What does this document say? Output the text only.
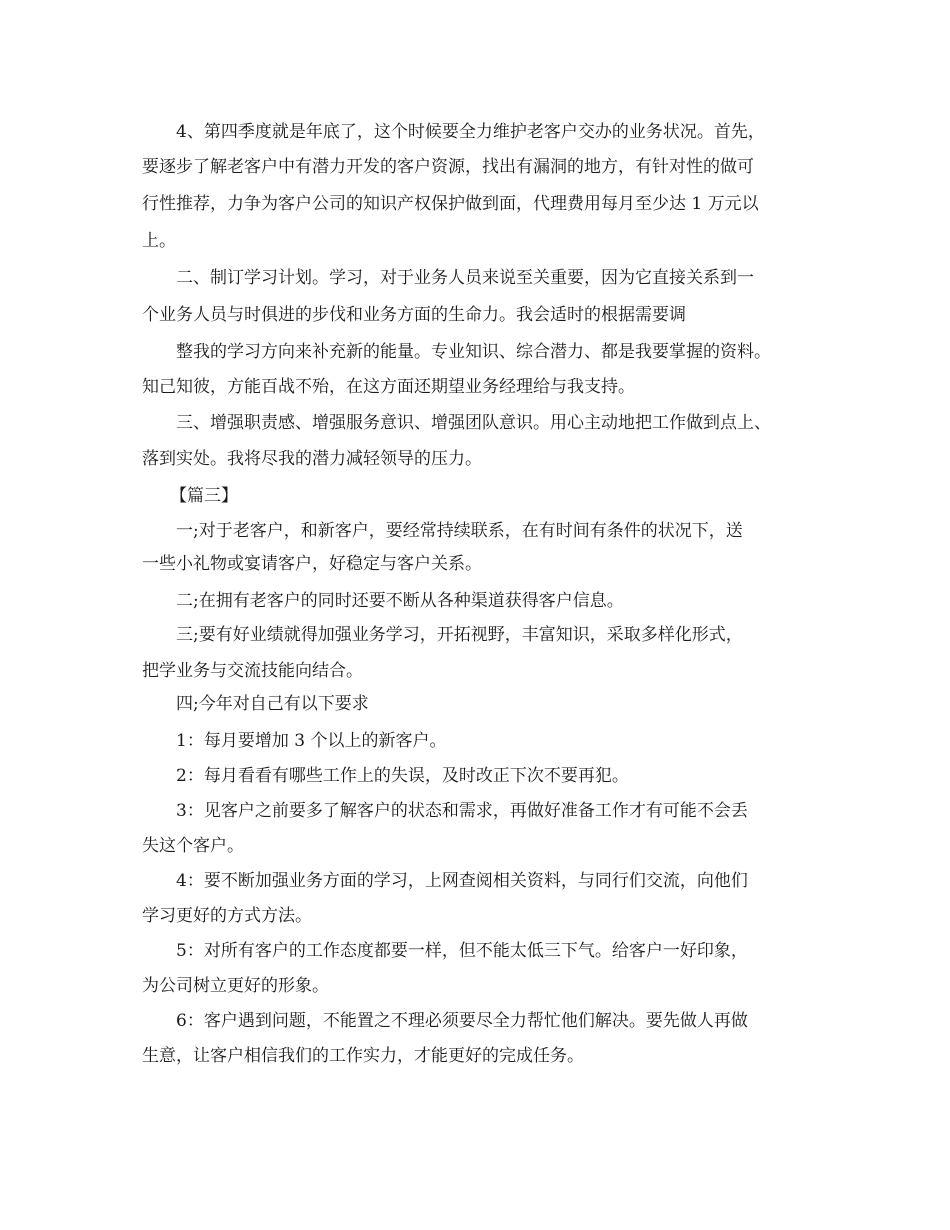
4、第四季度就是年底了，这个时候要全力维护老客户交办的业务状况。首先，
要逐步了解老客户中有潜力开发的客户资源，找出有漏洞的地方，有针对性的做可
行性推荐，力争为客户公司的知识产权保护做到面，代理费用每月至少达 1 万元以
上。
二、制订学习计划。学习，对于业务人员来说至关重要，因为它直接关系到一
个业务人员与时俱进的步伐和业务方面的生命力。我会适时的根据需要调
整我的学习方向来补充新的能量。专业知识、综合潜力、都是我要掌握的资料。
知己知彼，方能百战不殆，在这方面还期望业务经理给与我支持。
三、增强职责感、增强服务意识、增强团队意识。用心主动地把工作做到点上、
落到实处。我将尽我的潜力减轻领导的压力。
【篇三】
一;对于老客户，和新客户，要经常持续联系，在有时间有条件的状况下，送
一些小礼物或宴请客户，好稳定与客户关系。
二;在拥有老客户的同时还要不断从各种渠道获得客户信息。
三;要有好业绩就得加强业务学习，开拓视野，丰富知识，采取多样化形式，
把学业务与交流技能向结合。
四;今年对自己有以下要求
1：每月要增加 3 个以上的新客户。
2：每月看看有哪些工作上的失误，及时改正下次不要再犯。
3：见客户之前要多了解客户的状态和需求，再做好准备工作才有可能不会丢
失这个客户。
4：要不断加强业务方面的学习，上网查阅相关资料，与同行们交流，向他们
学习更好的方式方法。
5：对所有客户的工作态度都要一样，但不能太低三下气。给客户一好印象，
为公司树立更好的形象。
6：客户遇到问题，不能置之不理必须要尽全力帮忙他们解决。要先做人再做
生意，让客户相信我们的工作实力，才能更好的完成任务。
